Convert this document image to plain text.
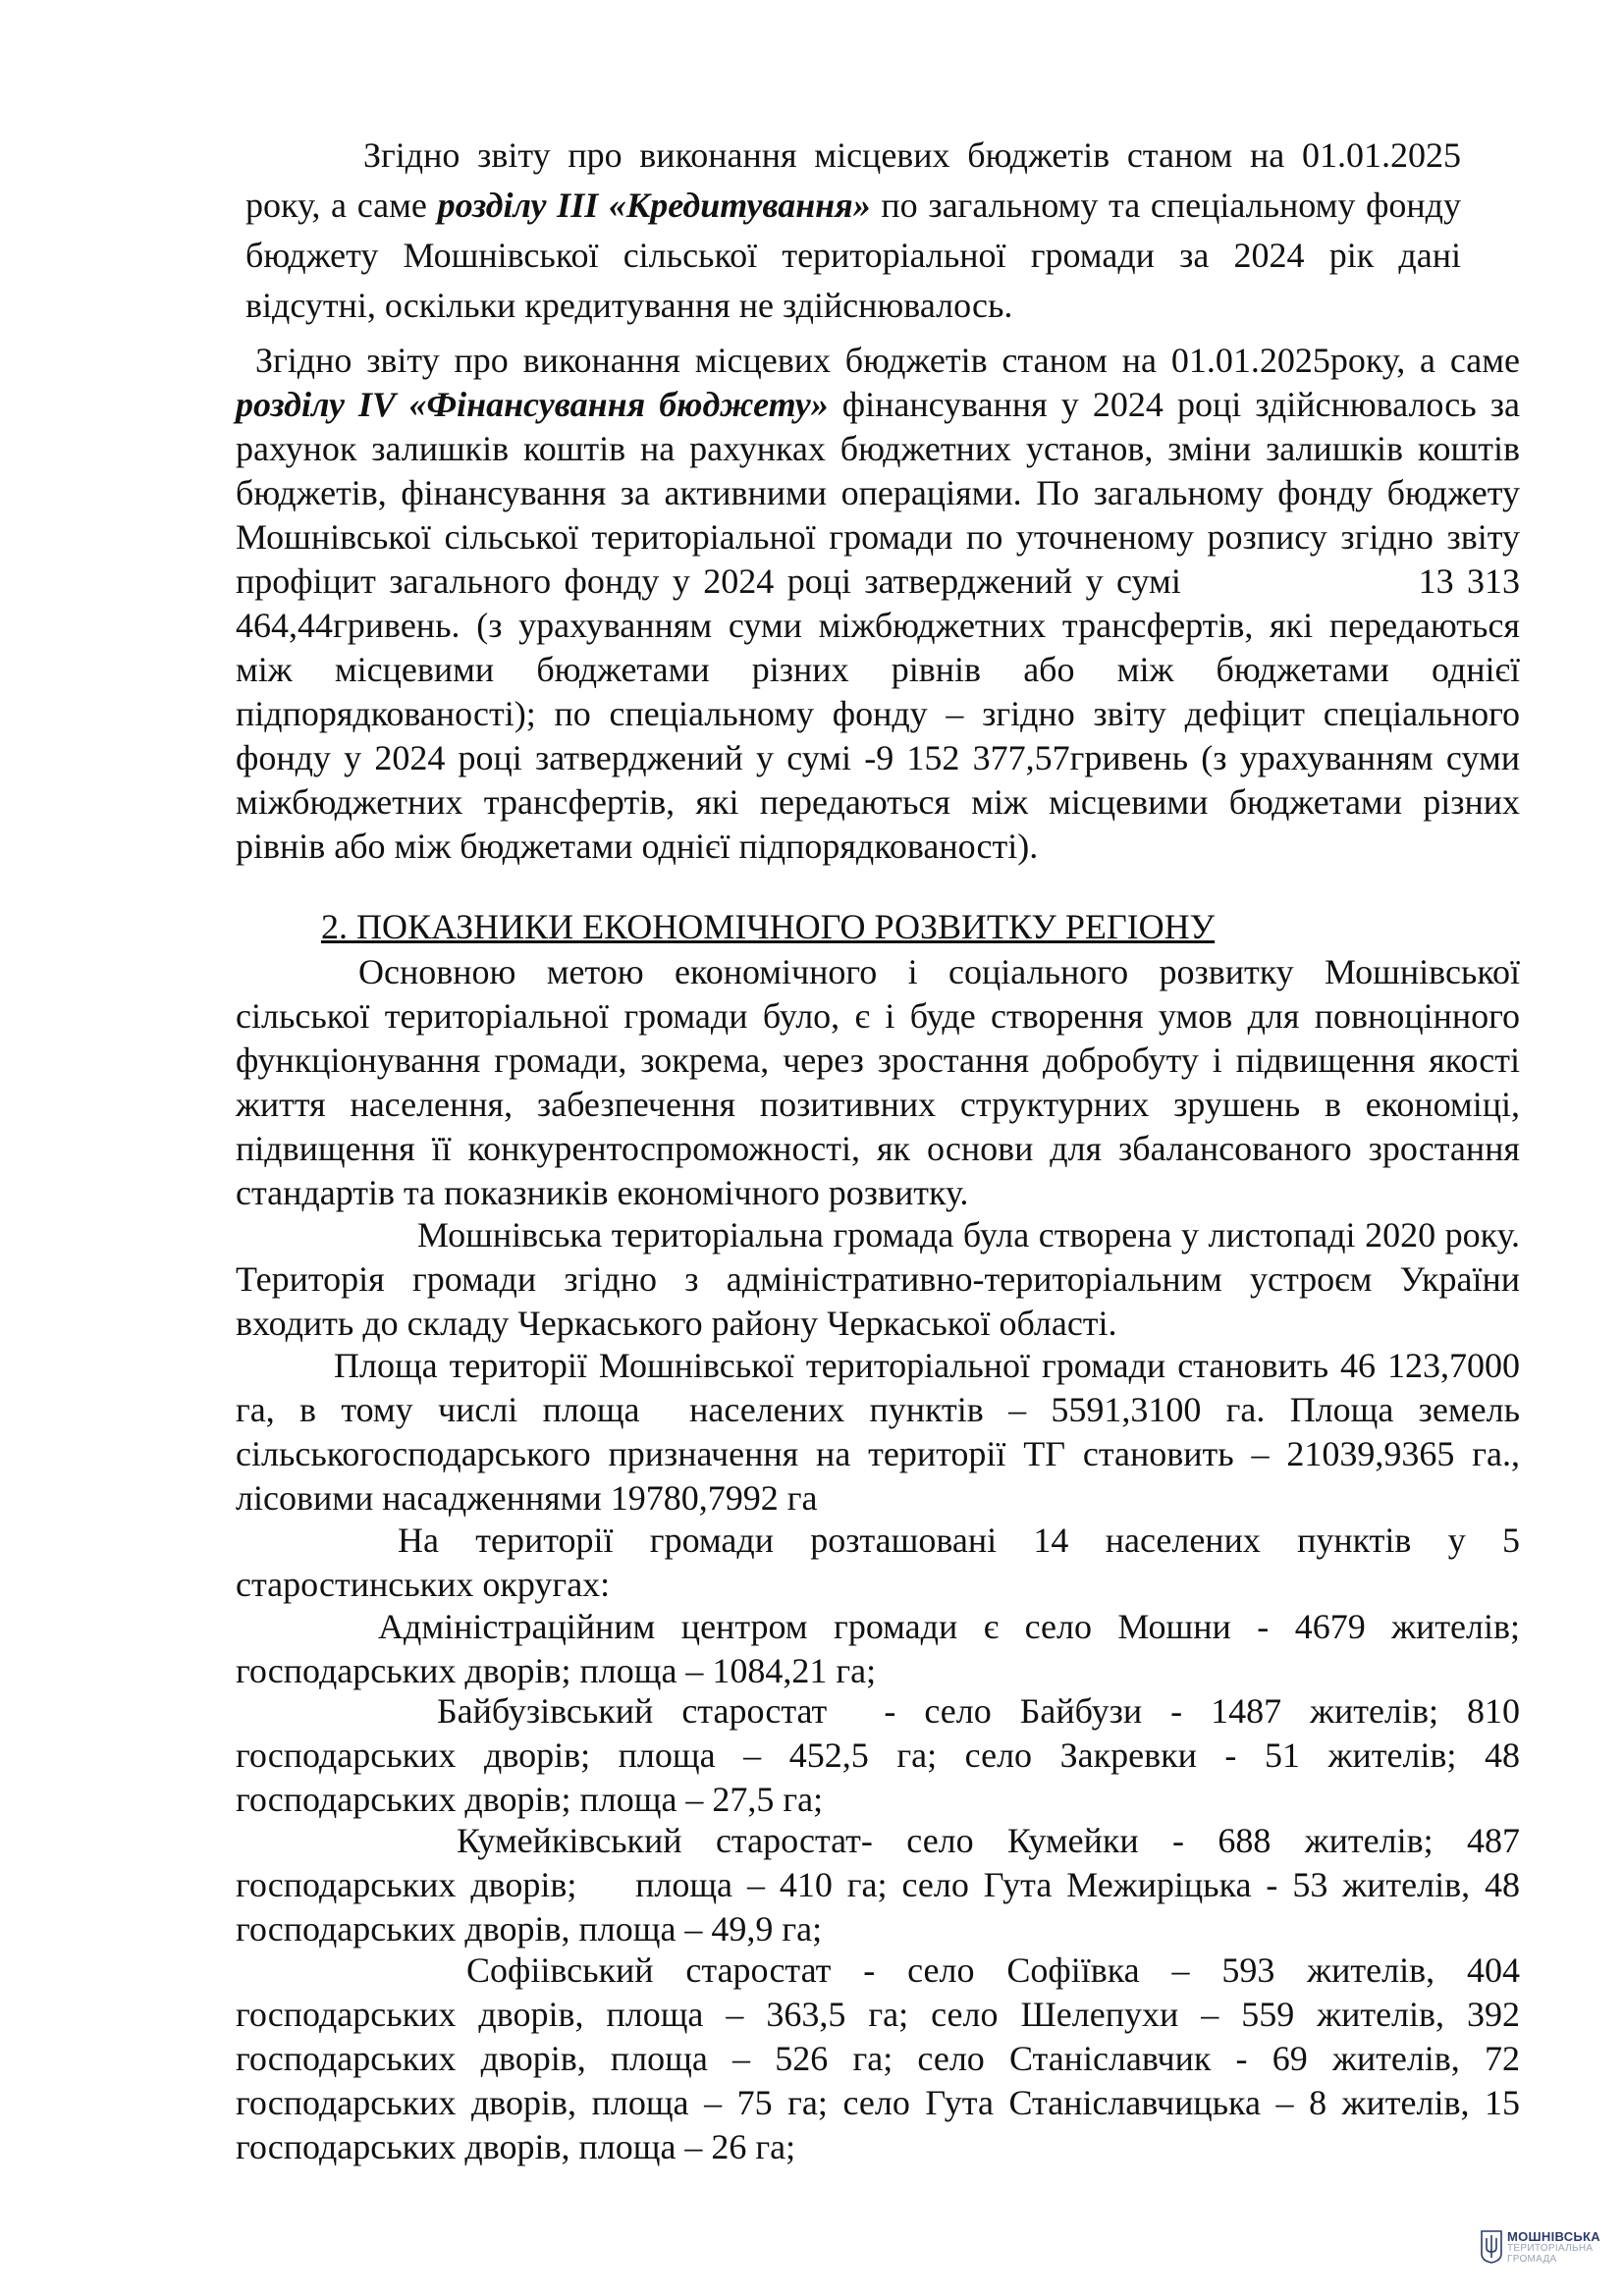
Згідно звіту про виконання місцевих бюджетів станом на 01.01.2025 року, а саме розділу ІІІ «Кредитування» по загальному та спеціальному фонду бюджету Мошнівської сільської територіальної громади за 2024 рік дані відсутні, оскільки кредитування не здійснювалось.

Згідно звіту про виконання місцевих бюджетів станом на 01.01.2025року, а саме розділу ІV «Фінансування бюджету» фінансування у 2024 році здійснювалось за рахунок залишків коштів на рахунках бюджетних установ, зміни залишків коштів бюджетів, фінансування за активними операціями. По загальному фонду бюджету Мошнівської сільської територіальної громади по уточненому розпису згідно звіту профіцит загального фонду у 2024 році затверджений у сумі                  13 313 464,44гривень. (з урахуванням суми міжбюджетних трансфертів, які передаються між місцевими бюджетами різних рівнів або між бюджетами однієї підпорядкованості); по спеціальному фонду – згідно звіту дефіцит спеціального фонду у 2024 році затверджений у сумі -9 152 377,57гривень (з урахуванням суми міжбюджетних трансфертів, які передаються між місцевими бюджетами різних рівнів або між бюджетами однієї підпорядкованості).

2. ПОКАЗНИКИ ЕКОНОМІЧНОГО РОЗВИТКУ РЕГІОНУ

Основною метою економічного і соціального розвитку Мошнівської сільської територіальної громади було, є і буде створення умов для повноцінного функціонування громади, зокрема, через зростання добробуту і підвищення якості життя населення, забезпечення позитивних структурних зрушень в економіці, підвищення її конкурентоспроможності, як основи для збалансованого зростання стандартів та показників економічного розвитку.

Мошнівська територіальна громада була створена у листопаді 2020 року. Територія громади згідно з адміністративно-територіальним устроєм України    входить до складу Черкаського району Черкаської області.

Площа території Мошнівської територіальної громади становить 46 123,7000  га, в тому числі площа  населених пунктів – 5591,3100 га. Площа земель сільськогосподарського призначення на території ТГ становить – 21039,9365 га., лісовими насадженнями 19780,7992 га

На території громади розташовані 14 населених пунктів у 5 старостинських округах:

Адміністраційним центром громади є село Мошни - 4679 жителів; господарських дворів; площа – 1084,21 га;

Байбузівський старостат  - село Байбузи - 1487 жителів; 810 господарських дворів; площа – 452,5 га; село Закревки - 51 жителів; 48 господарських дворів; площа – 27,5 га;

Кумейківський старостат- село Кумейки - 688 жителів; 487 господарських дворів;    площа – 410 га; село Гута Межиріцька - 53 жителів, 48 господарських дворів, площа – 49,9 га;

Софіівський старостат - село Софіївка – 593 жителів, 404 господарських дворів, площа – 363,5 га; село Шелепухи – 559 жителів, 392 господарських дворів, площа – 526 га; село Станіславчик - 69 жителів, 72 господарських дворів, площа – 75 га; село Гута Станіславчицька – 8 жителів, 15 господарських дворів, площа – 26 га;

МОШНІВСЬКА
ТЕРИТОРІАЛЬНА
ГРОМАДА
